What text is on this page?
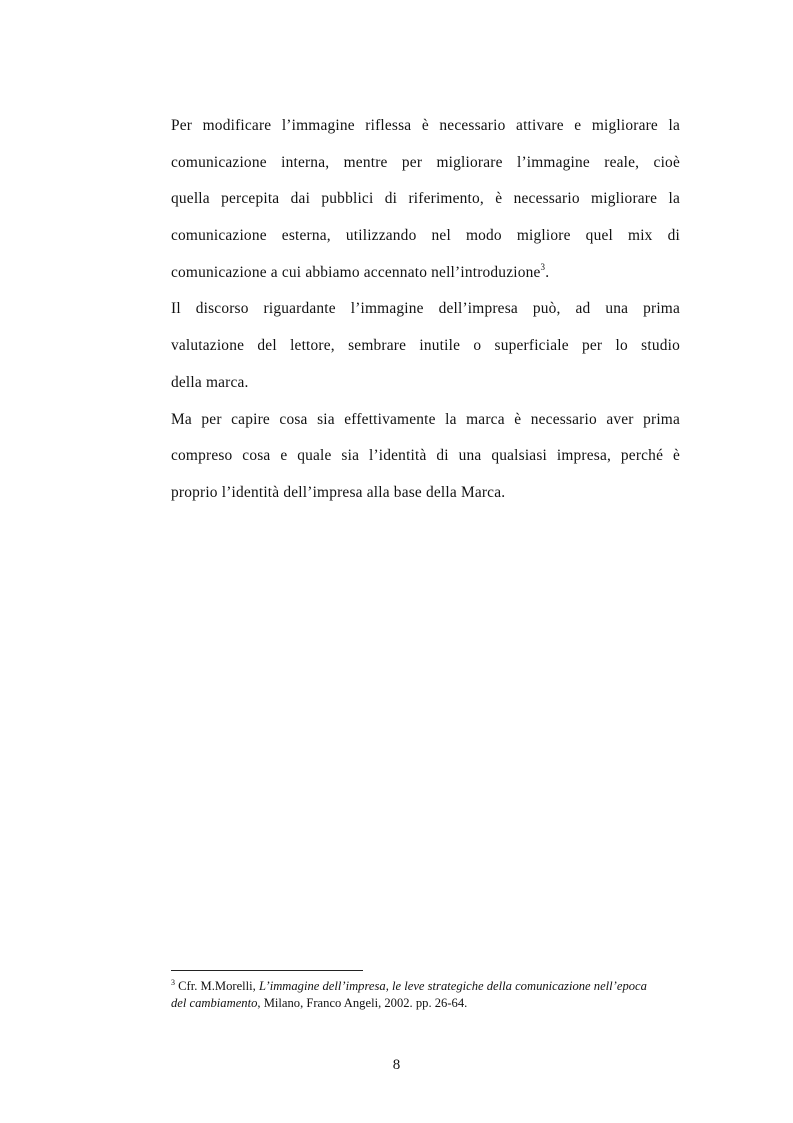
Per modificare l’immagine riflessa è necessario attivare e migliorare la
comunicazione interna, mentre per migliorare l’immagine reale, cioè
quella percepita dai pubblici di riferimento, è necessario migliorare la
comunicazione esterna, utilizzando nel modo migliore quel mix di
comunicazione a cui abbiamo accennato nell’introduzione$^3$.
Il discorso riguardante l’immagine dell’impresa può, ad una prima
valutazione del lettore, sembrare inutile o superficiale per lo studio
della marca.
Ma per capire cosa sia effettivamente la marca è necessario aver prima
compreso cosa e quale sia l’identità di una qualsiasi impresa, perché è
proprio l’identità dell’impresa alla base della Marca.
$^3$ Cfr. M.Morelli, L’immagine dell’impresa, le leve strategiche della comunicazione nell’epoca
del cambiamento, Milano, Franco Angeli, 2002. pp. 26-64.
8
